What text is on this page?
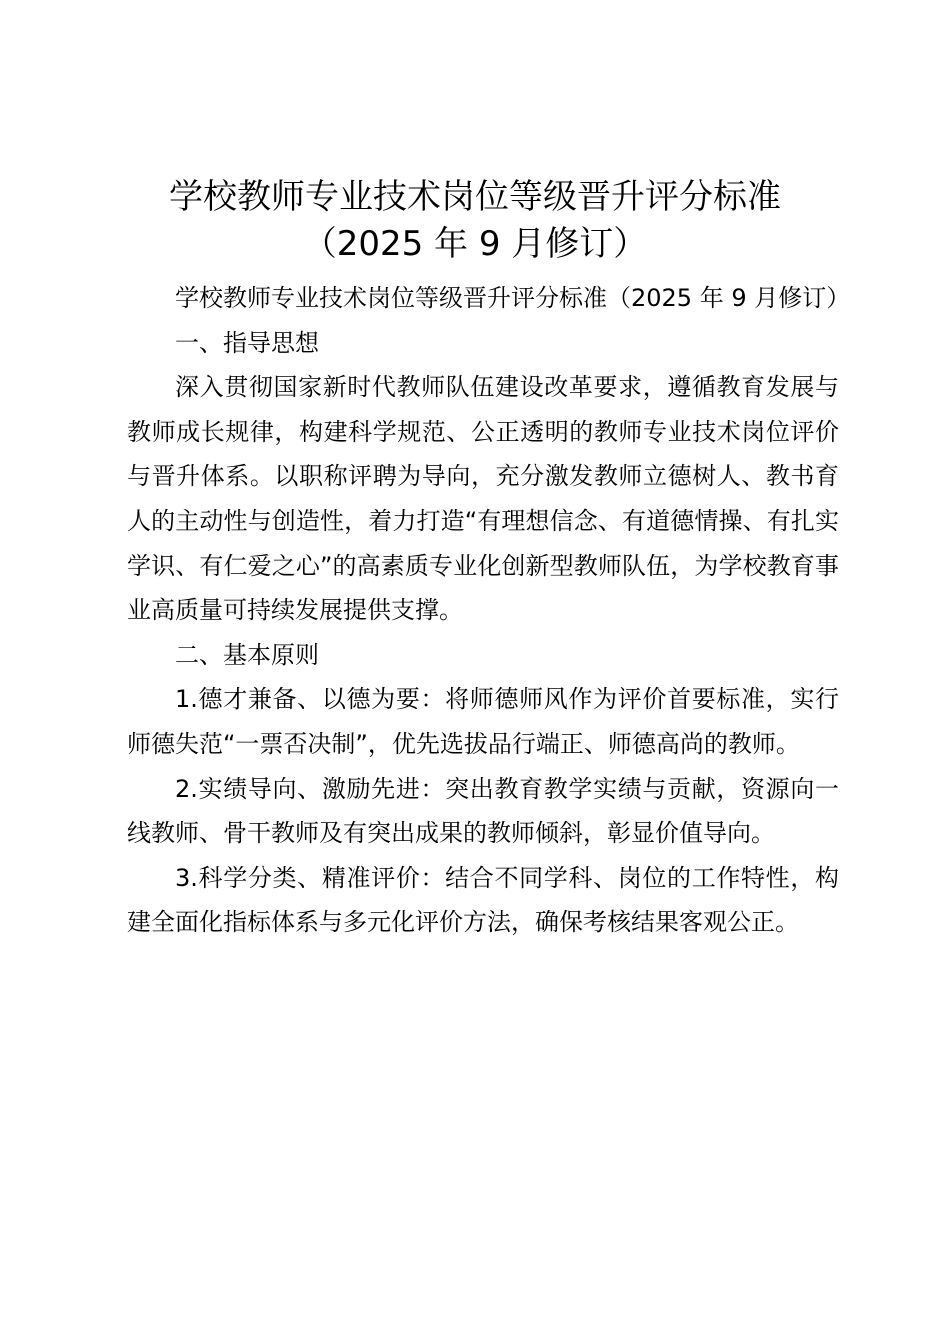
学校教师专业技术岗位等级晋升评分标准
（2025 年 9 月修订）

学校教师专业技术岗位等级晋升评分标准（2025 年 9 月修订）

一、指导思想

深入贯彻国家新时代教师队伍建设改革要求，遵循教育发展与教师成长规律，构建科学规范、公正透明的教师专业技术岗位评价与晋升体系。以职称评聘为导向，充分激发教师立德树人、教书育人的主动性与创造性，着力打造“有理想信念、有道德情操、有扎实学识、有仁爱之心”的高素质专业化创新型教师队伍，为学校教育事业高质量可持续发展提供支撑。

二、基本原则

1.德才兼备、以德为要：将师德师风作为评价首要标准，实行师德失范“一票否决制”，优先选拔品行端正、师德高尚的教师。

2.实绩导向、激励先进：突出教育教学实绩与贡献，资源向一线教师、骨干教师及有突出成果的教师倾斜，彰显价值导向。

3.科学分类、精准评价：结合不同学科、岗位的工作特性，构建全面化指标体系与多元化评价方法，确保考核结果客观公正。
